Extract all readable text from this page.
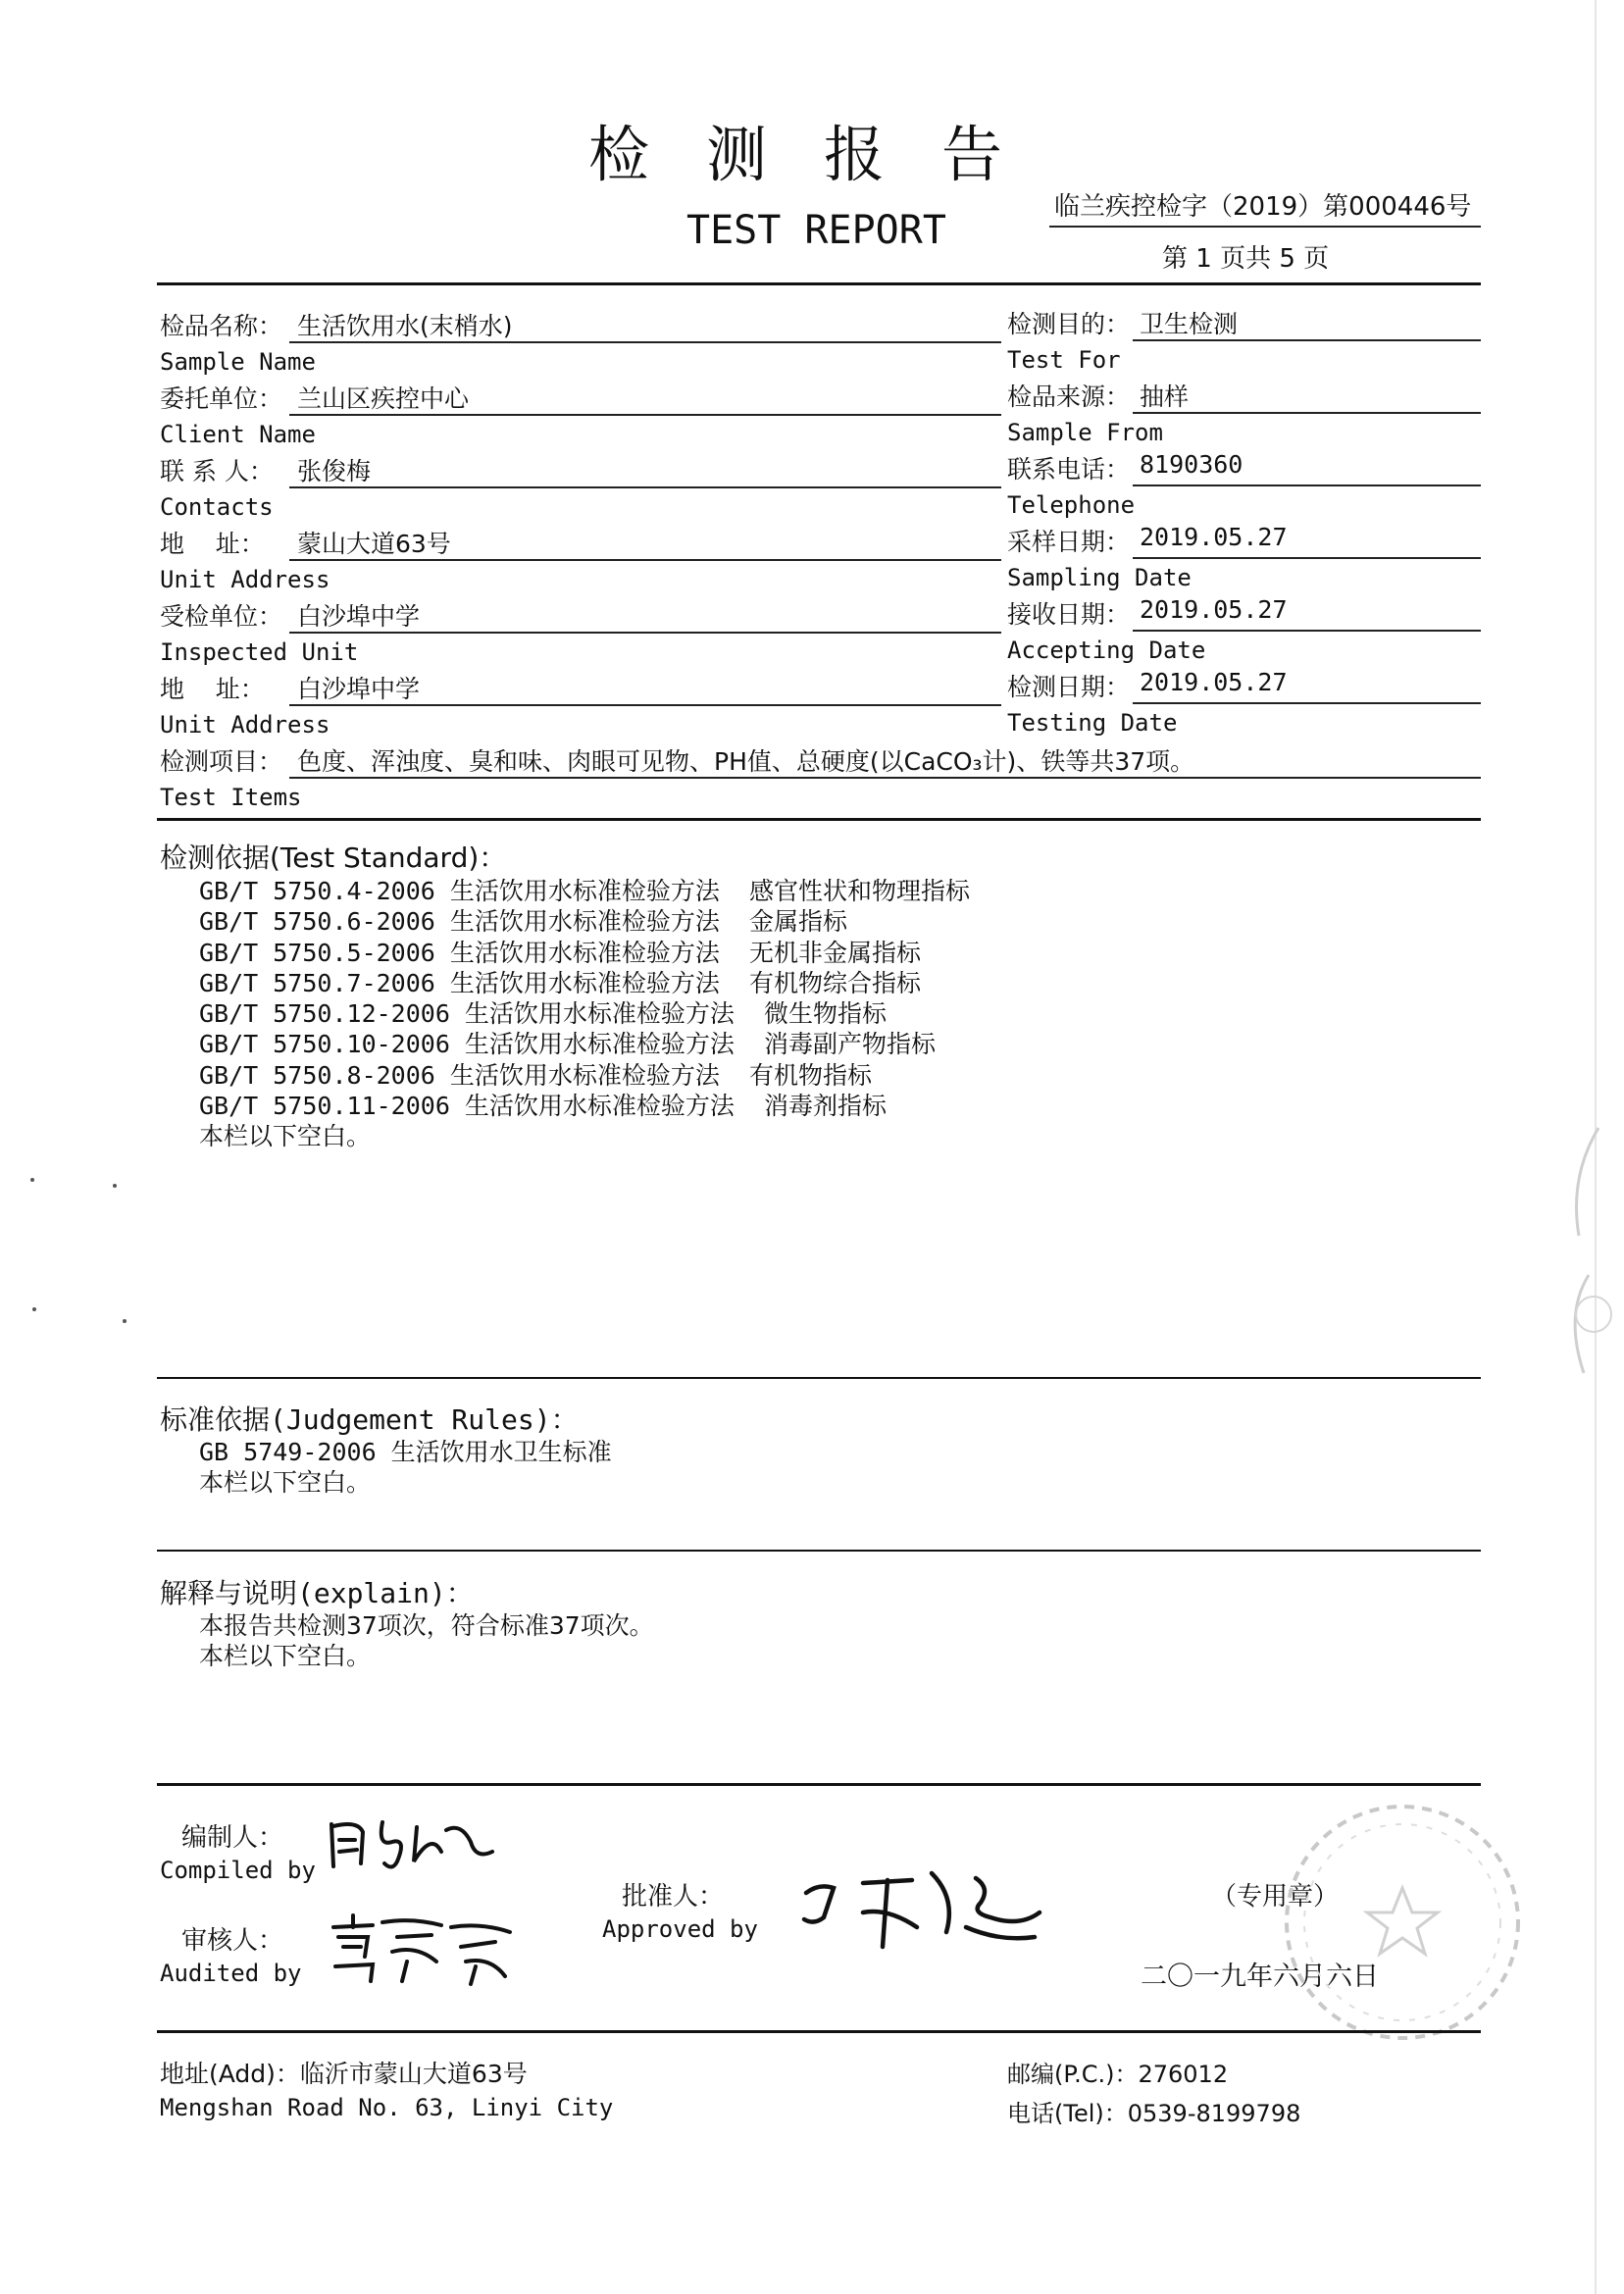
检测报告
TEST REPORT
临兰疾控检字（2019）第000446号
第 1 页共 5 页
检品名称： 生活饮用水(末梢水)
Sample Name
委托单位： 兰山区疾控中心
Client Name
联 系 人： 张俊梅
Contacts
地    址： 蒙山大道63号
Unit Address
受检单位： 白沙埠中学
Inspected Unit
地    址： 白沙埠中学
Unit Address
检测目的： 卫生检测
Test For
检品来源： 抽样
Sample From
联系电话： 8190360
Telephone
采样日期： 2019.05.27
Sampling Date
接收日期： 2019.05.27
Accepting Date
检测日期： 2019.05.27
Testing Date
检测项目： 色度、浑浊度、臭和味、肉眼可见物、PH值、总硬度(以CaCO₃计)、铁等共37项。
Test Items
检测依据(Test Standard)：
GB/T 5750.4-2006 生活饮用水标准检验方法  感官性状和物理指标
GB/T 5750.6-2006 生活饮用水标准检验方法  金属指标
GB/T 5750.5-2006 生活饮用水标准检验方法  无机非金属指标
GB/T 5750.7-2006 生活饮用水标准检验方法  有机物综合指标
GB/T 5750.12-2006 生活饮用水标准检验方法  微生物指标
GB/T 5750.10-2006 生活饮用水标准检验方法  消毒副产物指标
GB/T 5750.8-2006 生活饮用水标准检验方法  有机物指标
GB/T 5750.11-2006 生活饮用水标准检验方法  消毒剂指标
本栏以下空白。
标准依据(Judgement Rules)：
GB 5749-2006 生活饮用水卫生标准
本栏以下空白。
解释与说明(explain)：
本报告共检测37项次，符合标准37项次。
本栏以下空白。
编制人：
Compiled by
审核人：
Audited by
批准人：
Approved by
（专用章）
二〇一九年六月六日
地址(Add)：临沂市蒙山大道63号
Mengshan Road No. 63, Linyi City
邮编(P.C.)：276012
电话(Tel)：0539-8199798
